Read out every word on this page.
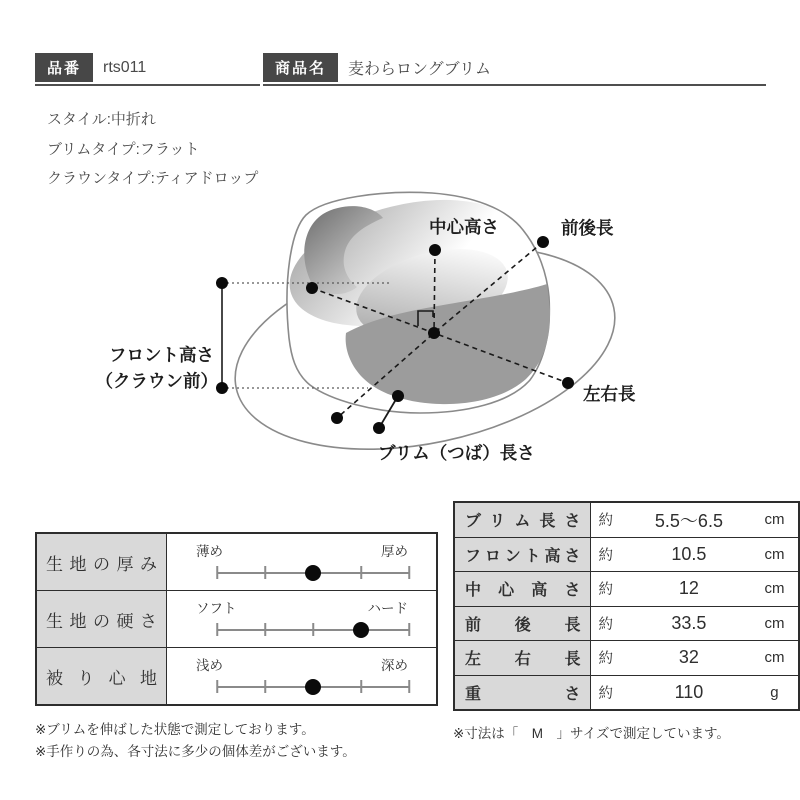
品番 rts011	商品名 麦わらロングブリム
スタイル:中折れ
ブリムタイプ:フラット
クラウンタイプ:ティアドロップ
中心高さ	前後長
フロント高さ
（クラウン前）
左右長
ブリム（つば）長さ
生地の厚み	薄め 厚め

生地の硬さ	ソフト ハード

被り心地	浅め 深め
ブリム長さ	約	5.5～6.5	cm

フロント高さ	約	10.5	cm

中心高さ	約	12	cm

前後長	約	33.5	cm

左右長	約	32	cm

重さ	約	110	g
※ブリムを伸ばした状態で測定しております。
※手作りの為、各寸法に多少の個体差がございます。
※寸法は「　M　」サイズで測定しています。
